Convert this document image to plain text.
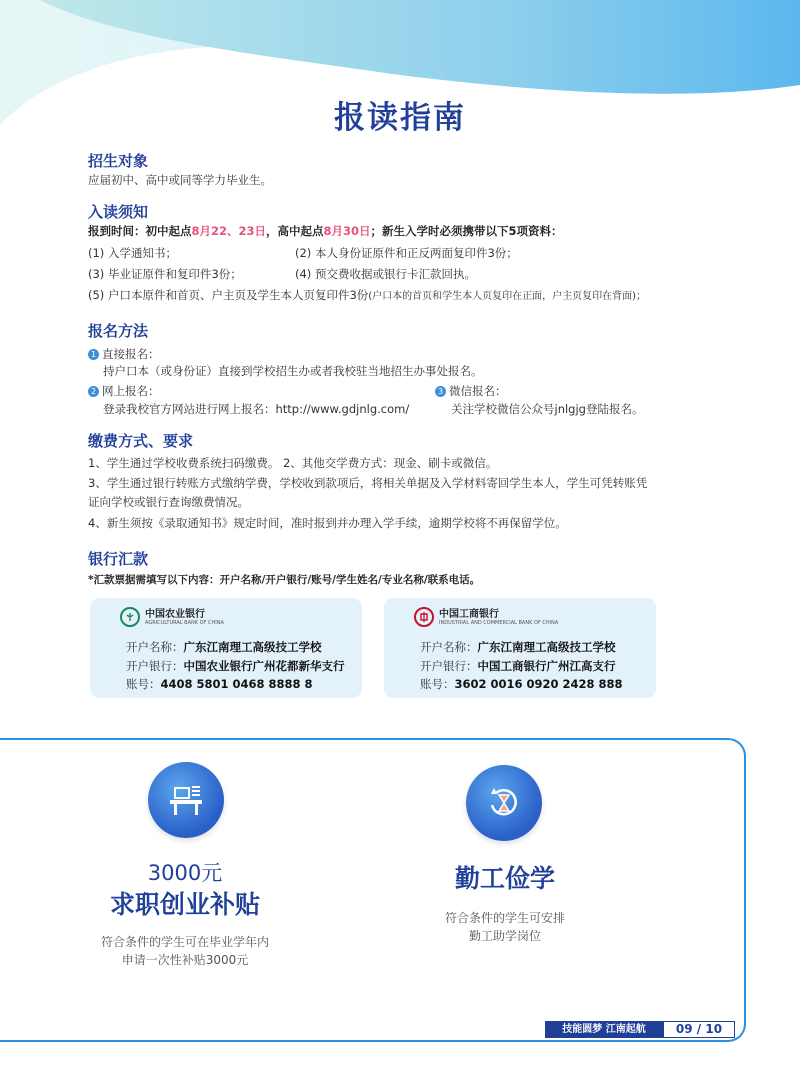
报读指南
招生对象
应届初中、高中或同等学力毕业生。
入读须知
报到时间：初中起点8月22、23日，高中起点8月30日；新生入学时必须携带以下5项资料：
(1) 入学通知书；	(2) 本人身份证原件和正反两面复印件3份；
(3) 毕业证原件和复印件3份；	(4) 预交费收据或银行卡汇款回执。
(5) 户口本原件和首页、户主页及学生本人页复印件3份(户口本的首页和学生本人页复印在正面，户主页复印在背面)；
报名方法
1 直接报名：
持户口本（或身份证）直接到学校招生办或者我校驻当地招生办事处报名。
2 网上报名：
登录我校官方网站进行网上报名：http://www.gdjnlg.com/
3 微信报名：
关注学校微信公众号jnlgjg登陆报名。
缴费方式、要求
1、学生通过学校收费系统扫码缴费。 2、其他交学费方式：现金、刷卡或微信。
3、学生通过银行转账方式缴纳学费，学校收到款项后，将相关单据及入学材料寄回学生本人，学生可凭转账凭
证向学校或银行查询缴费情况。
4、新生须按《录取通知书》规定时间，准时报到并办理入学手续，逾期学校将不再保留学位。
银行汇款
*汇款票据需填写以下内容：开户名称/开户银行/账号/学生姓名/专业名称/联系电话。
中国农业银行
AGRICULTURAL BANK OF CHINA
开户名称：广东江南理工高级技工学校
开户银行：中国农业银行广州花都新华支行
账号：4408 5801 0468 8888 8
中国工商银行
INDUSTRIAL AND COMMERCIAL BANK OF CHINA
开户名称：广东江南理工高级技工学校
开户银行：中国工商银行广州江高支行
账号：3602 0016 0920 2428 888
3000元
求职创业补贴
符合条件的学生可在毕业学年内
申请一次性补贴3000元
勤工俭学
符合条件的学生可安排
勤工助学岗位
技能圆梦 江南起航	09 / 10
